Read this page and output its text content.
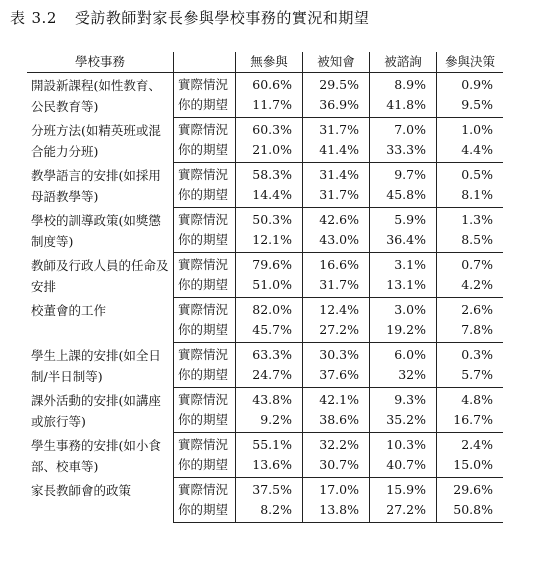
表 3.2 受訪教師對家長參與學校事務的實況和期望
學校事務		無參與	被知會	被諮詢	參與決策
開設新課程(如性教育、公民教育等)	實際情況	60.6%	29.5%	8.9%	0.9%
	你的期望	11.7%	36.9%	41.8%	9.5%
分班方法(如精英班或混合能力分班)	實際情況	60.3%	31.7%	7.0%	1.0%
	你的期望	21.0%	41.4%	33.3%	4.4%
教學語言的安排(如採用母語教學等)	實際情況	58.3%	31.4%	9.7%	0.5%
	你的期望	14.4%	31.7%	45.8%	8.1%
學校的訓導政策(如獎懲制度等)	實際情況	50.3%	42.6%	5.9%	1.3%
	你的期望	12.1%	43.0%	36.4%	8.5%
教師及行政人員的任命及安排	實際情況	79.6%	16.6%	3.1%	0.7%
	你的期望	51.0%	31.7%	13.1%	4.2%
校董會的工作	實際情況	82.0%	12.4%	3.0%	2.6%
	你的期望	45.7%	27.2%	19.2%	7.8%
學生上課的安排(如全日制/半日制等)	實際情況	63.3%	30.3%	6.0%	0.3%
	你的期望	24.7%	37.6%	32%	5.7%
課外活動的安排(如講座或旅行等)	實際情況	43.8%	42.1%	9.3%	4.8%
	你的期望	9.2%	38.6%	35.2%	16.7%
學生事務的安排(如小食部、校車等)	實際情況	55.1%	32.2%	10.3%	2.4%
	你的期望	13.6%	30.7%	40.7%	15.0%
家長教師會的政策	實際情況	37.5%	17.0%	15.9%	29.6%
	你的期望	8.2%	13.8%	27.2%	50.8%
